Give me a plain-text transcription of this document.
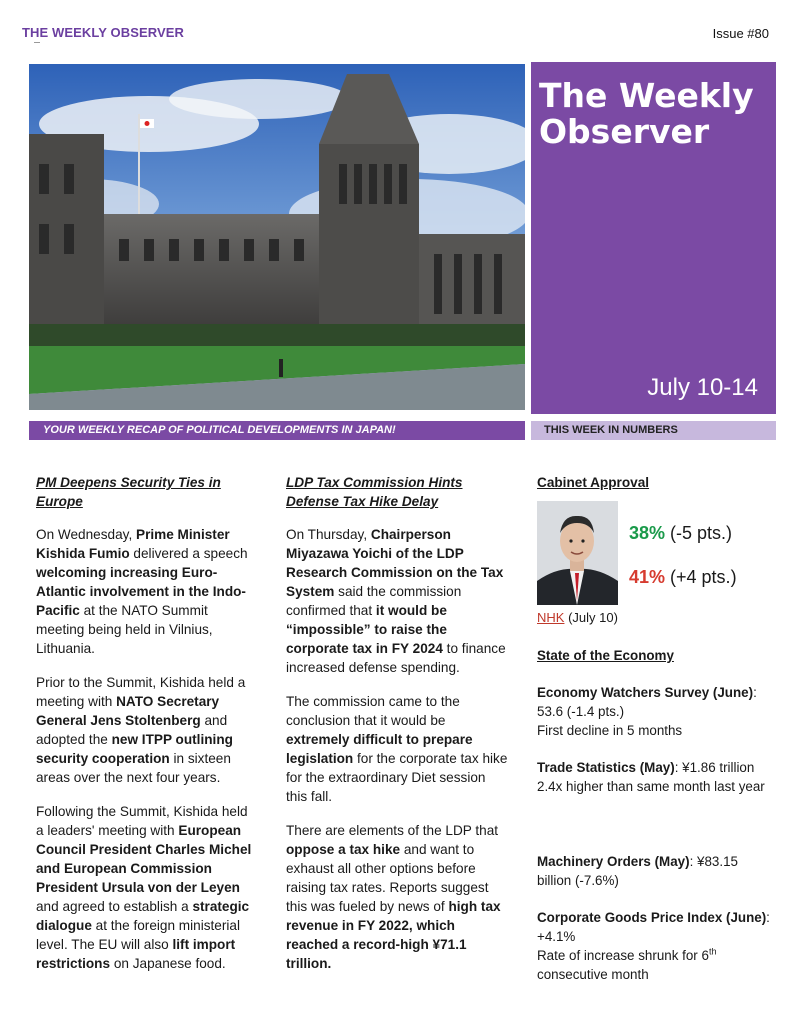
THE WEEKLY OBSERVER	Issue #80
The Weekly
Observer
July 10-14
YOUR WEEKLY RECAP OF POLITICAL DEVELOPMENTS IN JAPAN!	THIS WEEK IN NUMBERS
PM Deepens Security Ties in
Europe

On Wednesday, Prime Minister Kishida Fumio delivered a speech welcoming increasing Euro-Atlantic involvement in the Indo-Pacific at the NATO Summit meeting being held in Vilnius, Lithuania.

Prior to the Summit, Kishida held a meeting with NATO Secretary General Jens Stoltenberg and adopted the new ITPP outlining security cooperation in sixteen areas over the next four years.

Following the Summit, Kishida held a leaders' meeting with European Council President Charles Michel and European Commission President Ursula von der Leyen and agreed to establish a strategic dialogue at the foreign ministerial level. The EU will also lift import restrictions on Japanese food.

LDP Tax Commission Hints
Defense Tax Hike Delay

On Thursday, Chairperson Miyazawa Yoichi of the LDP Research Commission on the Tax System said the commission confirmed that it would be “impossible” to raise the corporate tax in FY 2024 to finance increased defense spending.

The commission came to the conclusion that it would be extremely difficult to prepare legislation for the corporate tax hike for the extraordinary Diet session this fall.

There are elements of the LDP that oppose a tax hike and want to exhaust all other options before raising tax rates. Reports suggest this was fueled by news of high tax revenue in FY 2022, which reached a record-high ¥71.1 trillion.

Cabinet Approval
38% (-5 pts.)
41% (+4 pts.)
NHK (July 10)
State of the Economy
Economy Watchers Survey (June): 53.6 (-1.4 pts.)
First decline in 5 months
Trade Statistics (May): ¥1.86 trillion
2.4x higher than same month last year
Machinery Orders (May): ¥83.15 billion (-7.6%)
Corporate Goods Price Index (June): +4.1%
Rate of increase shrunk for 6th consecutive month
